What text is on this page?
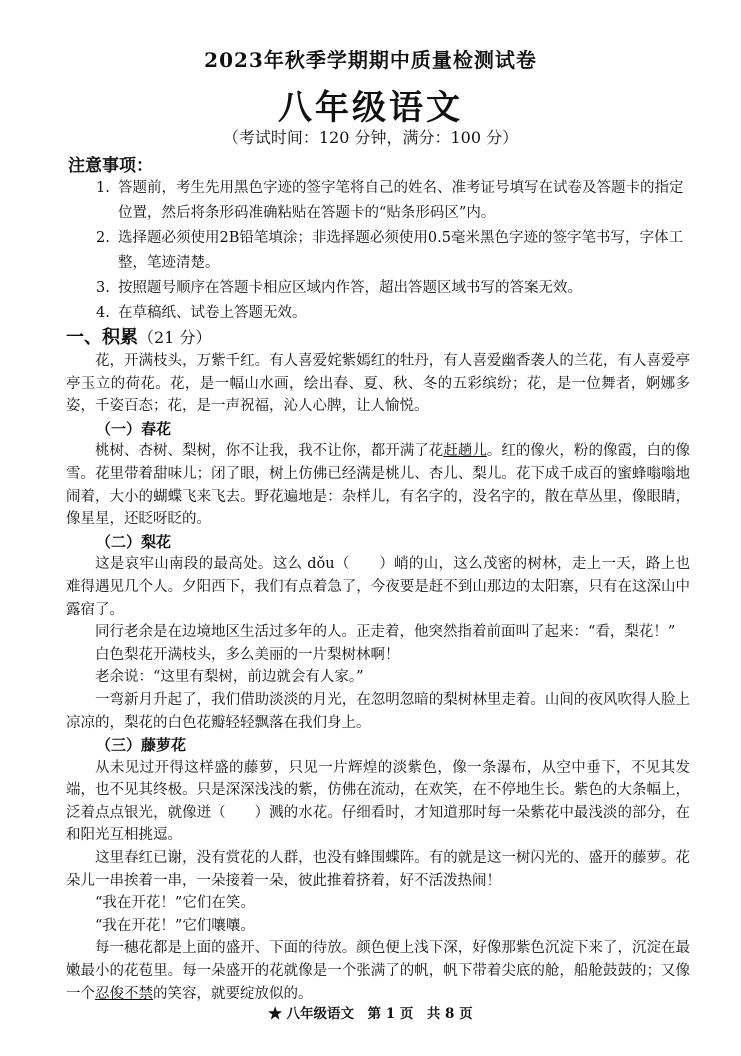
2023年秋季学期期中质量检测试卷
八年级语文
（考试时间：120 分钟，满分：100 分）
注意事项：
1. 答题前，考生先用黑色字迹的签字笔将自己的姓名、准考证号填写在试卷及答题卡的指定位置，然后将条形码准确粘贴在答题卡的“贴条形码区”内。
2. 选择题必须使用2B铅笔填涂；非选择题必须使用0.5毫米黑色字迹的签字笔书写，字体工整，笔迹清楚。
3. 按照题号顺序在答题卡相应区域内作答，超出答题区域书写的答案无效。
4. 在草稿纸、试卷上答题无效。
一、积累（21 分）

花，开满枝头，万紫千红。有人喜爱姹紫嫣红的牡丹，有人喜爱幽香袭人的兰花，有人喜爱亭亭玉立的荷花。花，是一幅山水画，绘出春、夏、秋、冬的五彩缤纷；花，是一位舞者，婀娜多姿，千姿百态；花，是一声祝福，沁人心脾，让人愉悦。

（一）春花

桃树、杏树、梨树，你不让我，我不让你，都开满了花赶趟儿。红的像火，粉的像霞，白的像雪。花里带着甜味儿；闭了眼，树上仿佛已经满是桃儿、杏儿、梨儿。花下成千成百的蜜蜂嗡嗡地闹着，大小的蝴蝶飞来飞去。野花遍地是：杂样儿，有名字的，没名字的，散在草丛里，像眼睛，像星星，还眨呀眨的。

（二）梨花

这是哀牢山南段的最高处。这么 dǒu（　　）峭的山，这么茂密的树林，走上一天，路上也难得遇见几个人。夕阳西下，我们有点着急了，今夜要是赶不到山那边的太阳寨，只有在这深山中露宿了。

同行老余是在边境地区生活过多年的人。正走着，他突然指着前面叫了起来：“看，梨花！”

白色梨花开满枝头，多么美丽的一片梨树林啊！

老余说：“这里有梨树，前边就会有人家。”

一弯新月升起了，我们借助淡淡的月光，在忽明忽暗的梨树林里走着。山间的夜风吹得人脸上凉凉的，梨花的白色花瓣轻轻飘落在我们身上。

（三）藤萝花

从未见过开得这样盛的藤萝，只见一片辉煌的淡紫色，像一条瀑布，从空中垂下，不见其发端，也不见其终极。只是深深浅浅的紫，仿佛在流动，在欢笑，在不停地生长。紫色的大条幅上，泛着点点银光，就像迸（　　）溅的水花。仔细看时，才知道那时每一朵紫花中最浅淡的部分，在和阳光互相挑逗。

这里春红已谢，没有赏花的人群，也没有蜂围蝶阵。有的就是这一树闪光的、盛开的藤萝。花朵儿一串挨着一串，一朵接着一朵，彼此推着挤着，好不活泼热闹！

“我在开花！”它们在笑。

“我在开花！”它们嚷嚷。

每一穗花都是上面的盛开、下面的待放。颜色便上浅下深，好像那紫色沉淀下来了，沉淀在最嫩最小的花苞里。每一朵盛开的花就像是一个张满了的帆，帆下带着尖底的舱，船舱鼓鼓的；又像一个忍俊不禁的笑容，就要绽放似的。

★ 八年级语文　第 1 页　共 8 页
